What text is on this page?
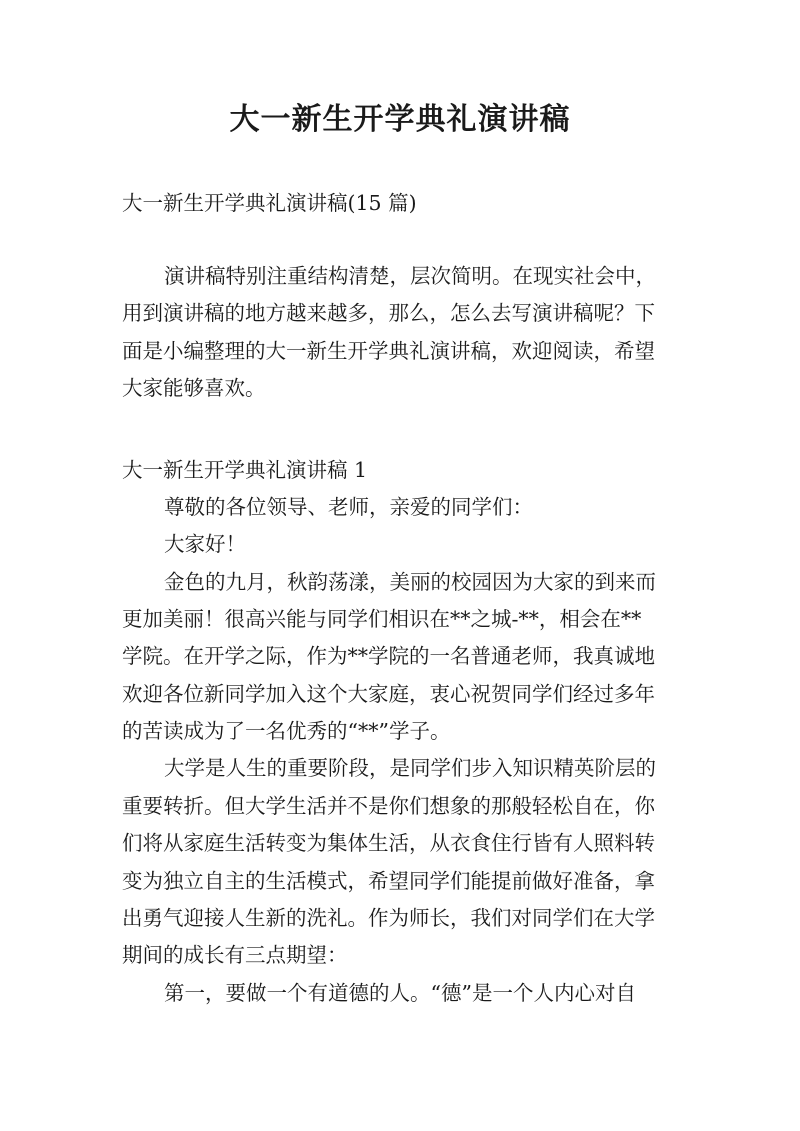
大一新生开学典礼演讲稿

大一新生开学典礼演讲稿(15 篇)

演讲稿特别注重结构清楚，层次简明。在现实社会中，

用到演讲稿的地方越来越多，那么，怎么去写演讲稿呢？下

面是小编整理的大一新生开学典礼演讲稿，欢迎阅读，希望

大家能够喜欢。

大一新生开学典礼演讲稿 1

尊敬的各位领导、老师，亲爱的同学们：

大家好！

金色的九月，秋韵荡漾，美丽的校园因为大家的到来而

更加美丽！很高兴能与同学们相识在**之城-**，相会在**

学院。在开学之际，作为**学院的一名普通老师，我真诚地

欢迎各位新同学加入这个大家庭，衷心祝贺同学们经过多年

的苦读成为了一名优秀的“**”学子。

大学是人生的重要阶段，是同学们步入知识精英阶层的

重要转折。但大学生活并不是你们想象的那般轻松自在，你

们将从家庭生活转变为集体生活，从衣食住行皆有人照料转

变为独立自主的生活模式，希望同学们能提前做好准备，拿

出勇气迎接人生新的洗礼。作为师长，我们对同学们在大学

期间的成长有三点期望：

第一，要做一个有道德的人。“德”是一个人内心对自
